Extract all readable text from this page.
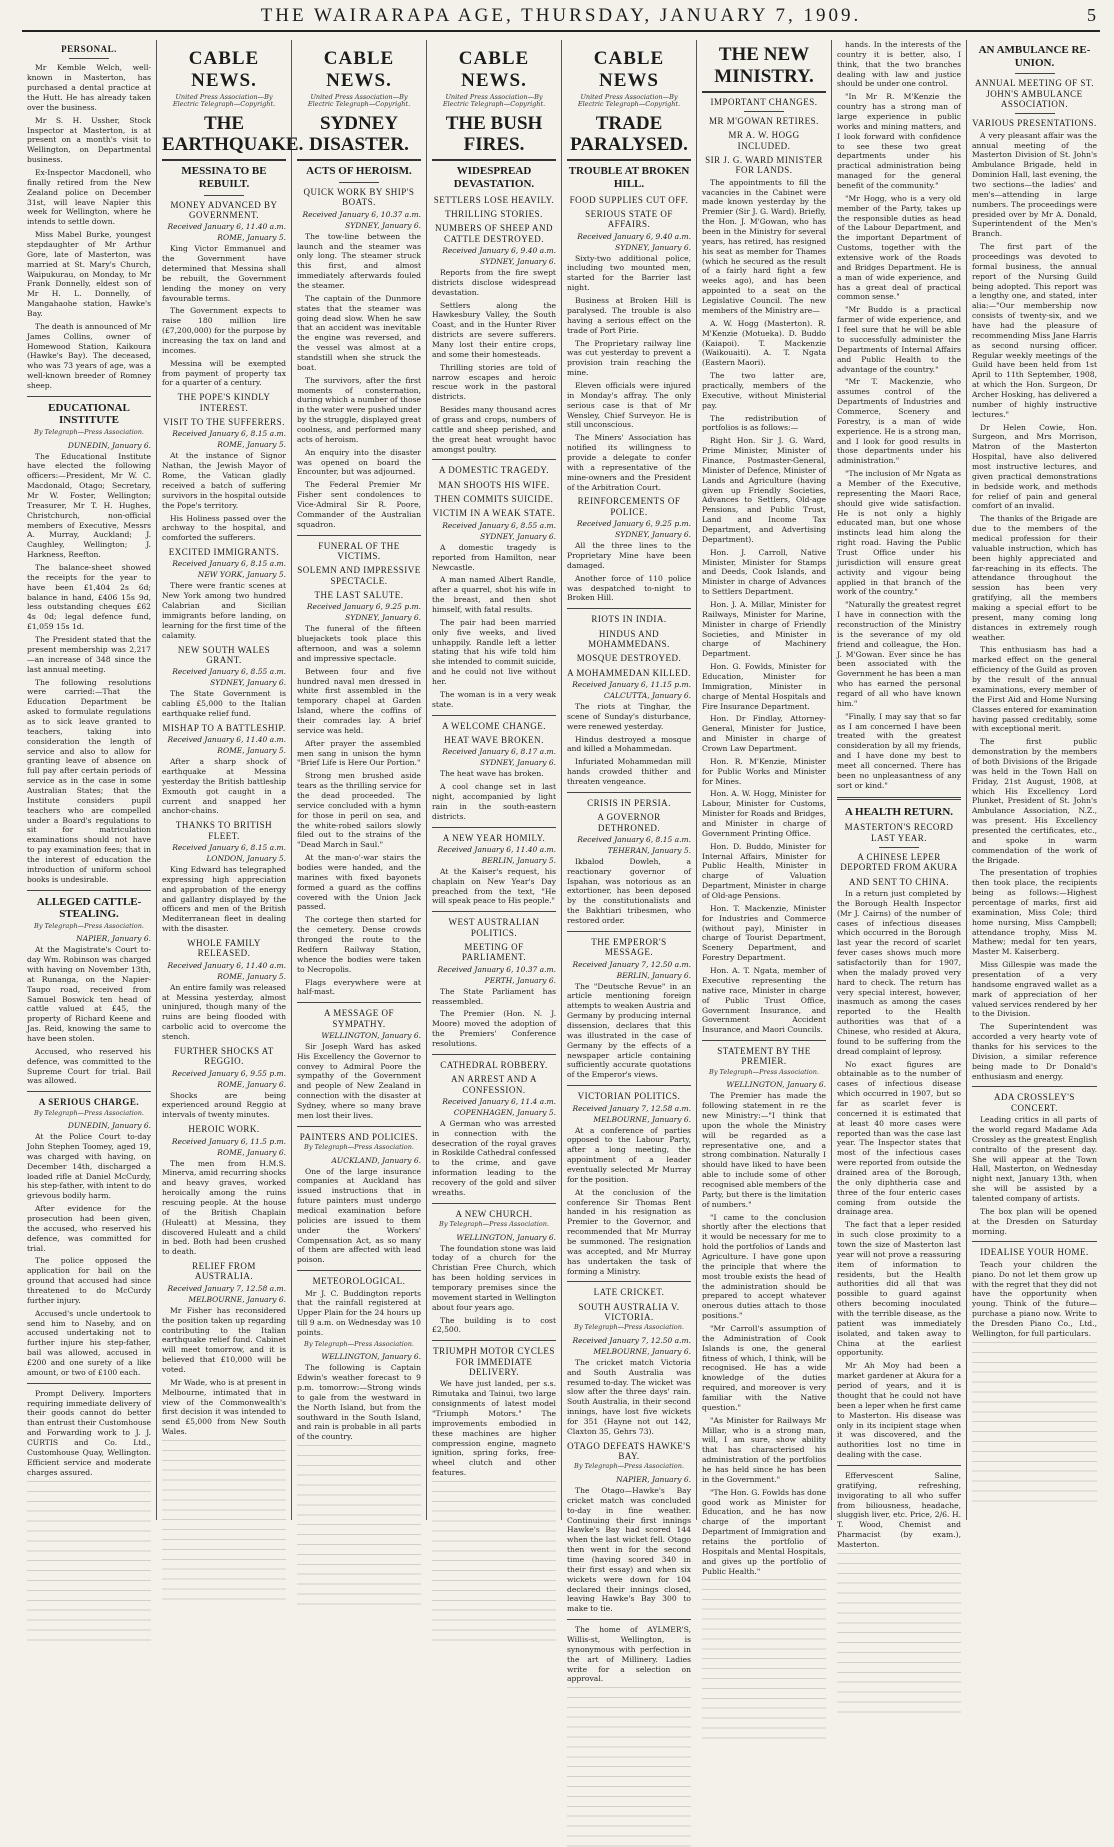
THE WAIRARAPA AGE, THURSDAY, JANUARY 7, 1909.	5
PERSONAL.

Mr Kemble Welch, well-known in Masterton, has purchased a dental practice at the Hutt. He has already taken over the business.

Mr S. H. Ussher, Stock Inspector at Masterton, is at present on a month's visit to Wellington, on Departmental business.

Ex-Inspector Macdonell, who finally retired from the New Zealand police on December 31st, will leave Napier this week for Wellington, where he intends to settle down.

Miss Mabel Burke, youngest stepdaughter of Mr Arthur Gore, late of Masterton, was married at St. Mary's Church, Waipukurau, on Monday, to Mr Frank Donnelly, eldest son of Mr H. L. Donnelly, of Mangahaohe station, Hawke's Bay.

The death is announced of Mr James Collins, owner of Homewood Station, Kaikoura (Hawke's Bay). The deceased, who was 73 years of age, was a well-known breeder of Romney sheep.

EDUCATIONAL INSTITUTE
By Telegraph—Press Association.
DUNEDIN, January 6.

The Educational Institute have elected the following officers:—President, Mr W. C. Macdonald, Otago; Secretary, Mr W. Foster, Wellington; Treasurer, Mr T. H. Hughes, Christchurch, non-official members of Executive, Messrs A. Murray, Auckland; J. Caughley, Wellington; J. Harkness, Reefton.

The balance-sheet showed the receipts for the year to have been £1,404 2s 6d; balance in hand, £406 15s 9d, less outstanding cheques £62 4s 0d; legal defence fund, £1,059 15s 1d.

The President stated that the present membership was 2,217—an increase of 348 since the last annual meeting.

The following resolutions were carried:—That the Education Department be asked to formulate regulations as to sick leave granted to teachers, taking into consideration the length of service and also to allow for granting leave of absence on full pay after certain periods of service as in the case in some Australian States; that the Institute considers pupil teachers who are compelled under a Board's regulations to sit for matriculation examinations should not have to pay examination fees; that in the interest of education the introduction of uniform school books is undesirable.

ALLEGED CATTLE-STEALING.
By Telegraph—Press Association.
NAPIER, January 6.

At the Magistrate's Court to-day Wm. Robinson was charged with having on November 13th, at Runanga, on the Napier-Taupo road, received from Samuel Boswick ten head of cattle valued at £45, the property of Richard Keene and Jas. Reid, knowing the same to have been stolen.

Accused, who reserved his defence, was committed to the Supreme Court for trial. Bail was allowed.

A SERIOUS CHARGE.
By Telegraph—Press Association.
DUNEDIN, January 6.

At the Police Court to-day John Stephen Toomey, aged 19, was charged with having, on December 14th, discharged a loaded rifle at Daniel McCurdy, his step-father, with intent to do grievous bodily harm.

After evidence for the prosecution had been given, the accused, who reserved his defence, was committed for trial.

The police opposed the application for bail on the ground that accused had since threatened to do McCurdy further injury.

Accused's uncle undertook to send him to Naseby, and on accused undertaking not to further injure his step-father, bail was allowed, accused in £200 and one surety of a like amount, or two of £100 each.

Prompt Delivery. Importers requiring immediate delivery of their goods cannot do better than entrust their Customhouse and Forwarding work to J. J. CURTIS and Co. Ltd., Customhouse Quay, Wellington. Efficient service and moderate charges assured.

CABLE NEWS.
United Press Association—By Electric Telegraph—Copyright.
THE EARTHQUAKE.
MESSINA TO BE REBUILT.
MONEY ADVANCED BY GOVERNMENT.
Received January 6, 11.40 a.m.
ROME, January 5.

King Victor Emmanuel and the Government have determined that Messina shall be rebuilt, the Government lending the money on very favourable terms.

The Government expects to raise 180 million lire (£7,200,000) for the purpose by increasing the tax on land and incomes.

Messina will be exempted from payment of property tax for a quarter of a century.

THE POPE'S KINDLY INTEREST.
VISIT TO THE SUFFERERS.
Received January 6, 8.15 a.m.
ROME, January 5.

At the instance of Signor Nathan, the Jewish Mayor of Rome, the Vatican gladly received a batch of suffering survivors in the hospital outside the Pope's territory.

His Holiness passed over the archway to the hospital, and comforted the sufferers.

EXCITED IMMIGRANTS.
Received January 6, 8.15 a.m.
NEW YORK, January 5.

There were frantic scenes at New York among two hundred Calabrian and Sicilian immigrants before landing, on learning for the first time of the calamity.

NEW SOUTH WALES GRANT.
Received January 6, 8.55 a.m.
SYDNEY, January 6.

The State Government is cabling £5,000 to the Italian earthquake relief fund.

MISHAP TO A BATTLESHIP.
Received January 6, 11.40 a.m.
ROME, January 5.

After a sharp shock of earthquake at Messina yesterday the British battleship Exmouth got caught in a current and snapped her anchor-chains.

THANKS TO BRITISH FLEET.
Received January 6, 8.15 a.m.
LONDON, January 5.

King Edward has telegraphed expressing high appreciation and approbation of the energy and gallantry displayed by the officers and men of the British Mediterranean fleet in dealing with the disaster.

WHOLE FAMILY RELEASED.
Received January 6, 11.40 a.m.
ROME, January 5.

An entire family was released at Messina yesterday, almost uninjured, though many of the ruins are being flooded with carbolic acid to overcome the stench.

FURTHER SHOCKS AT REGGIO.
Received January 6, 9.55 p.m.
ROME, January 6.

Shocks are being experienced around Reggio at intervals of twenty minutes.

HEROIC WORK.
Received January 6, 11.5 p.m.
ROME, January 6.

The men from H.M.S. Minerva, amid recurring shocks and heavy graves, worked heroically among the ruins rescuing people. At the house of the British Chaplain (Huleatt) at Messina, they discovered Huleatt and a child in bed. Both had been crushed to death.

RELIEF FROM AUSTRALIA.
Received January 7, 12.58 a.m.
MELBOURNE, January 6.

Mr Fisher has reconsidered the position taken up regarding contributing to the Italian earthquake relief fund. Cabinet will meet tomorrow, and it is believed that £10,000 will be voted.

Mr Wade, who is at present in Melbourne, intimated that in view of the Commonwealth's first decision it was intended to send £5,000 from New South Wales.

CABLE NEWS.
United Press Association—By Electric Telegraph—Copyright.
SYDNEY DISASTER.
ACTS OF HEROISM.
QUICK WORK BY SHIP'S BOATS.
Received January 6, 10.37 a.m.
SYDNEY, January 6.

The tow-line between the launch and the steamer was only long. The steamer struck this first, and almost immediately afterwards fouled the steamer.

The captain of the Dunmore states that the steamer was going dead slow. When he saw that an accident was inevitable the engine was reversed, and the vessel was almost at a standstill when she struck the boat.

The survivors, after the first moments of consternation, during which a number of those in the water were pushed under by the struggle, displayed great coolness, and performed many acts of heroism.

An enquiry into the disaster was opened on board the Encounter, but was adjourned.

The Federal Premier Mr Fisher sent condolences to Vice-Admiral Sir R. Poore, Commander of the Australian squadron.

FUNERAL OF THE VICTIMS.
SOLEMN AND IMPRESSIVE SPECTACLE.
THE LAST SALUTE.
Received January 6, 9.25 p.m.
SYDNEY, January 6.

The funeral of the fifteen bluejackets took place this afternoon, and was a solemn and impressive spectacle.

Between four and five hundred naval men dressed in white first assembled in the temporary chapel at Garden Island, where the coffins of their comrades lay. A brief service was held.

After prayer the assembled men sang in unison the hymn "Brief Life is Here Our Portion."

Strong men brushed aside tears as the thrilling service for the dead proceeded. The service concluded with a hymn for those in peril on sea, and the white-robed sailors slowly filed out to the strains of the "Dead March in Saul."

At the man-o'-war stairs the bodies were handed, and the marines with fixed bayonets formed a guard as the coffins covered with the Union Jack passed.

The cortege then started for the cemetery. Dense crowds thronged the route to the Redfern Railway Station, whence the bodies were taken to Necropolis.

Flags everywhere were at half-mast.

A MESSAGE OF SYMPATHY.
WELLINGTON, January 6.

Sir Joseph Ward has asked His Excellency the Governor to convey to Admiral Poore the sympathy of the Government and people of New Zealand in connection with the disaster at Sydney, where so many brave men lost their lives.

PAINTERS AND POLICIES.
By Telegraph—Press Association.
AUCKLAND, January 6.

One of the large insurance companies at Auckland has issued instructions that in future painters must undergo medical examination before policies are issued to them under the Workers' Compensation Act, as so many of them are affected with lead poison.

METEOROLOGICAL.

Mr J. C. Buddington reports that the rainfall registered at Upper Plain for the 24 hours up till 9 a.m. on Wednesday was 10 points.

By Telegraph—Press Association.
WELLINGTON, January 6.

The following is Captain Edwin's weather forecast to 9 p.m. tomorrow:—Strong winds to gale from the westward in the North Island, but from the southward in the South Island, and rain is probable in all parts of the country.

CABLE NEWS.
United Press Association—By Electric Telegraph—Copyright.
THE BUSH FIRES.
WIDESPREAD DEVASTATION.
SETTLERS LOSE HEAVILY.
THRILLING STORIES.
NUMBERS OF SHEEP AND CATTLE DESTROYED.
Received January 6, 9.40 a.m.
SYDNEY, January 6.

Reports from the fire swept districts disclose widespread devastation.

Settlers along the Hawkesbury Valley, the South Coast, and in the Hunter River districts are severe sufferers. Many lost their entire crops, and some their homesteads.

Thrilling stories are told of narrow escapes and heroic rescue work in the pastoral districts.

Besides many thousand acres of grass and crops, numbers of cattle and sheep perished, and the great heat wrought havoc amongst poultry.

A DOMESTIC TRAGEDY.
MAN SHOOTS HIS WIFE.
THEN COMMITS SUICIDE.
VICTIM IN A WEAK STATE.
Received January 6, 8.55 a.m.
SYDNEY, January 6.

A domestic tragedy is reported from Hamilton, near Newcastle.

A man named Albert Randle, after a quarrel, shot his wife in the breast, and then shot himself, with fatal results.

The pair had been married only five weeks, and lived unhappily. Randle left a letter stating that his wife told him she intended to commit suicide, and he could not live without her.

The woman is in a very weak state.

A WELCOME CHANGE.
HEAT WAVE BROKEN.
Received January 6, 8.17 a.m.
SYDNEY, January 6.

The heat wave has broken.

A cool change set in last night, accompanied by light rain in the south-eastern districts.

A NEW YEAR HOMILY.
Received January 6, 11.40 a.m.
BERLIN, January 5.

At the Kaiser's request, his chaplain on New Year's Day preached from the text, "He will speak peace to His people."

WEST AUSTRALIAN POLITICS.
MEETING OF PARLIAMENT.
Received January 6, 10.37 a.m.
PERTH, January 6.

The State Parliament has reassembled.

The Premier (Hon. N. J. Moore) moved the adoption of the Premiers' Conference resolutions.

CATHEDRAL ROBBERY.
AN ARREST AND A CONFESSION.
Received January 6, 11.4 a.m.
COPENHAGEN, January 5.

A German who was arrested in connection with the desecration of the royal graves in Roskilde Cathedral confessed to the crime, and gave information leading to the recovery of the gold and silver wreaths.

A NEW CHURCH.
By Telegraph—Press Association.
WELLINGTON, January 6.

The foundation stone was laid today of a church for the Christian Free Church, which has been holding services in temporary premises since the movement started in Wellington about four years ago.

The building is to cost £2,500.

TRIUMPH MOTOR CYCLES FOR IMMEDIATE DELIVERY.

We have just landed, per s.s. Rimutaka and Tainui, two large consignments of latest model "Triumph Motors." The improvements embodied in these machines are higher compression engine, magneto ignition, spring forks, free-wheel clutch and other features.

CABLE NEWS
United Press Association—By Electric Telegraph—Copyright.
TRADE PARALYSED.
TROUBLE AT BROKEN HILL.
FOOD SUPPLIES CUT OFF.
SERIOUS STATE OF AFFAIRS.
Received January 6, 9.40 a.m.
SYDNEY, January 6.

Sixty-two additional police, including two mounted men, started for the Barrier last night.

Business at Broken Hill is paralysed. The trouble is also having a serious effect on the trade of Port Pirie.

The Proprietary railway line was cut yesterday to prevent a provision train reaching the mine.

Eleven officials were injured in Monday's affray. The only serious case is that of Mr Wensley, Chief Surveyor. He is still unconscious.

The Miners' Association has notified its willingness to provide a delegate to confer with a representative of the mine-owners and the President of the Arbitration Court.

REINFORCEMENTS OF POLICE.
Received January 6, 9.25 p.m.
SYDNEY, January 6.

All the three lines to the Proprietary Mine have been damaged.

Another force of 110 police was despatched to-night to Broken Hill.

RIOTS IN INDIA.
HINDUS AND MOHAMMEDANS.
MOSQUE DESTROYED.
A MOHAMMEDAN KILLED.
Received January 6, 11.15 p.m.
CALCUTTA, January 6.

The riots at Tinghar, the scene of Sunday's disturbance, were renewed yesterday.

Hindus destroyed a mosque and killed a Mohammedan.

Infuriated Mohammedan mill hands crowded thither and threaten vengeance.

CRISIS IN PERSIA.
A GOVERNOR DETHRONED.
Received January 6, 8.15 a.m.
TEHERAN, January 5.

Ikbalod Dowleh, a reactionary governor of Ispahan, was notorious as an extortioner, has been deposed by the constitutionalists and the Bakhtiari tribesmen, who restored order.

THE EMPEROR'S MESSAGE.
Received January 7, 12.50 a.m.
BERLIN, January 6.

The "Deutsche Revue" in an article mentioning foreign attempts to weaken Austria and Germany by producing internal dissension, declares that this was illustrated in the case of Germany by the effects of a newspaper article containing sufficiently accurate quotations of the Emperor's views.

VICTORIAN POLITICS.
Received January 7, 12.58 a.m.
MELBOURNE, January 6.

At a conference of parties opposed to the Labour Party, after a long meeting, the appointment of a leader eventually selected Mr Murray for the position.

At the conclusion of the conference Sir Thomas Bent handed in his resignation as Premier to the Governor, and recommended that Mr Murray be summoned. The resignation was accepted, and Mr Murray has undertaken the task of forming a Ministry.

LATE CRICKET.
SOUTH AUSTRALIA V. VICTORIA.
By Telegraph—Press Association.
Received January 7, 12.50 a.m.
MELBOURNE, January 6.

The cricket match Victoria and South Australia was resumed to-day. The wicket was slow after the three days' rain. South Australia, in their second innings, have lost five wickets for 351 (Hayne not out 142, Claxton 35, Gehrs 73).

OTAGO DEFEATS HAWKE'S BAY.
By Telegraph—Press Association.
NAPIER, January 6.

The Otago—Hawke's Bay cricket match was concluded to-day in fine weather. Continuing their first innings Hawke's Bay had scored 144 when the last wicket fell. Otago then went in for the second time (having scored 340 in their first essay) and when six wickets were down for 104 declared their innings closed, leaving Hawke's Bay 300 to make to tie.

The home of AYLMER'S, Willis-st, Wellington, is synonymous with perfection in the art of Millinery. Ladies write for a selection on approval.

THE NEW MINISTRY.
IMPORTANT CHANGES.
MR M'GOWAN RETIRES.
MR A. W. HOGG INCLUDED.
SIR J. G. WARD MINISTER FOR LANDS.

The appointments to fill the vacancies in the Cabinet were made known yesterday by the Premier (Sir J. G. Ward). Briefly, the Hon. J. M'Gowan, who has been in the Ministry for several years, has retired, has resigned his seat as member for Thames (which he secured as the result of a fairly hard fight a few weeks ago), and has been appointed to a seat on the Legislative Council. The new members of the Ministry are—

A. W. Hogg (Masterton). R. M'Kenzie (Motueka). D. Buddo (Kaiapoi). T. Mackenzie (Waikouaiti). A. T. Ngata (Eastern Maori).

The two latter are, practically, members of the Executive, without Ministerial pay.

The redistribution of portfolios is as follows:—

Right Hon. Sir J. G. Ward, Prime Minister, Minister of Finance, Postmaster-General, Minister of Defence, Minister of Lands and Agriculture (having given up Friendly Societies, Advances to Settlers, Old-age Pensions, and Public Trust, Land and Income Tax Department, and Advertising Department).

Hon. J. Carroll, Native Minister, Minister for Stamps and Deeds, Cook Islands, and Minister in charge of Advances to Settlers Department.

Hon. J. A. Millar, Minister for Railways, Minister for Marine, Minister in charge of Friendly Societies, and Minister in charge of Machinery Department.

Hon. G. Fowlds, Minister for Education, Minister for Immigration, Minister in charge of Mental Hospitals and Fire Insurance Department.

Hon. Dr Findlay, Attorney-General, Minister for Justice, and Minister in charge of Crown Law Department.

Hon. R. M'Kenzie, Minister for Public Works and Minister for Mines.

Hon. A. W. Hogg, Minister for Labour, Minister for Customs, Minister for Roads and Bridges, and Minister in charge of Government Printing Office.

Hon. D. Buddo, Minister for Internal Affairs, Minister for Public Health, Minister in charge of Valuation Department, Minister in charge of Old-age Pensions.

Hon. T. Mackenzie, Minister for Industries and Commerce (without pay), Minister in charge of Tourist Department, Scenery Department, and Forestry Department.

Hon. A. T. Ngata, member of Executive representing the native race, Minister in charge of Public Trust Office, Government Insurance, and Government Accident Insurance, and Maori Councils.

STATEMENT BY THE PREMIER.
By Telegraph—Press Association.
WELLINGTON, January 6.

The Premier has made the following statement in re the new Ministry:—"I think that upon the whole the Ministry will be regarded as a representative one, and a strong combination. Naturally I should have liked to have been able to include some of other recognised able members of the Party, but there is the limitation of numbers."

"I came to the conclusion shortly after the elections that it would be necessary for me to hold the portfolios of Lands and Agriculture. I have gone upon the principle that where the most trouble exists the head of the administration should be prepared to accept whatever onerous duties attach to those positions."

"Mr Carroll's assumption of the Administration of Cook Islands is one, the general fitness of which, I think, will be recognised. He has a wide knowledge of the duties required, and moreover is very familiar with the Native question."

"As Minister for Railways Mr Millar, who is a strong man, will, I am sure, show ability that has characterised his administration of the portfolios he has held since he has been in the Government."

"The Hon. G. Fowlds has done good work as Minister for Education, and he has now charge of the important Department of Immigration and retains the portfolio of Hospitals and Mental Hospitals, and gives up the portfolio of Public Health."

hands. In the interests of the country it is better, also, I think, that the two branches dealing with law and justice should be under one control.

"In Mr R. M'Kenzie the country has a strong man of large experience in public works and mining matters, and I look forward with confidence to see these two great departments under his practical administration being managed for the general benefit of the community."

"Mr Hogg, who is a very old member of the Party, takes up the responsible duties as head of the Labour Department, and the important Department of Customs, together with the extensive work of the Roads and Bridges Department. He is a man of wide experience, and has a great deal of practical common sense."

"Mr Buddo is a practical farmer of wide experience, and I feel sure that he will be able to successfully administer the Departments of Internal Affairs and Public Health to the advantage of the country."

"Mr T. Mackenzie, who assumes control of the Departments of Industries and Commerce, Scenery and Forestry, is a man of wide experience. He is a strong man, and I look for good results in those departments under his administration."

"The inclusion of Mr Ngata as a Member of the Executive, representing the Maori Race, should give wide satisfaction. He is not only a highly educated man, but one whose instincts lead him along the right road. Having the Public Trust Office under his jurisdiction will ensure great activity and vigour being applied in that branch of the work of the country."

"Naturally the greatest regret I have in connection with the reconstruction of the Ministry is the severance of my old friend and colleague, the Hon. J. M'Gowan. Ever since he has been associated with the Government he has been a man who has earned the personal regard of all who have known him."

"Finally, I may say that so far as I am concerned I have been treated with the greatest consideration by all my friends, and I have done my best to meet all concerned. There has been no unpleasantness of any sort or kind."

A HEALTH RETURN.
MASTERTON'S RECORD LAST YEAR.
A CHINESE LEPER DEPORTED FROM AKURA
AND SENT TO CHINA.

In a return just completed by the Borough Health Inspector (Mr J. Cairns) of the number of cases of infectious diseases which occurred in the Borough last year the record of scarlet fever cases shows much more satisfactorily than for 1907, when the malady proved very hard to check. The return has very special interest, however, inasmuch as among the cases reported to the Health authorities was that of a Chinese, who resided at Akura, found to be suffering from the dread complaint of leprosy.

No exact figures are obtainable as to the number of cases of infectious disease which occurred in 1907, but so far as scarlet fever is concerned it is estimated that at least 40 more cases were reported than was the case last year. The Inspector states that most of the infectious cases were reported from outside the drained area of the Borough, the only diphtheria case and three of the four enteric cases coming from outside the drainage area.

The fact that a leper resided in such close proximity to a town the size of Masterton last year will not prove a reassuring item of information to residents, but the Health authorities did all that was possible to guard against others becoming inoculated with the terrible disease, as the patient was immediately isolated, and taken away to China at the earliest opportunity.

Mr Ah Moy had been a market gardener at Akura for a period of years, and it is thought that he could not have been a leper when he first came to Masterton. His disease was only in its incipient stage when it was discovered, and the authorities lost no time in dealing with the case.

Effervescent Saline, gratifying, refreshing, invigorating to all who suffer from biliousness, headache, sluggish liver, etc. Price, 2/6. H. T. Wood, Chemist and Pharmacist (by exam.), Masterton.

AN AMBULANCE RE-UNION.
ANNUAL MEETING OF ST. JOHN'S AMBULANCE ASSOCIATION.
VARIOUS PRESENTATIONS.

A very pleasant affair was the annual meeting of the Masterton Division of St. John's Ambulance Brigade, held in Dominion Hall, last evening, the two sections—the ladies' and men's—attending in large numbers. The proceedings were presided over by Mr A. Donald, Superintendent of the Men's Branch.

The first part of the proceedings was devoted to formal business, the annual report of the Nursing Guild being adopted. This report was a lengthy one, and stated, inter alia:—"Our membership now consists of twenty-six, and we have had the pleasure of recommending Miss Jane Harris as second nursing officer. Regular weekly meetings of the Guild have been held from 1st April to 11th September, 1908, at which the Hon. Surgeon, Dr Archer Hosking, has delivered a number of highly instructive lectures."

Dr Helen Cowie, Hon. Surgeon, and Mrs Morrison, Matron of the Masterton Hospital, have also delivered most instructive lectures, and given practical demonstrations in bedside work, and methods for relief of pain and general comfort of an invalid.

The thanks of the Brigade are due to the members of the medical profession for their valuable instruction, which has been highly appreciated and far-reaching in its effects. The attendance throughout the session has been very gratifying, all the members making a special effort to be present, many coming long distances in extremely rough weather.

This enthusiasm has had a marked effect on the general efficiency of the Guild as proven by the result of the annual examinations, every member of the First Aid and Home Nursing Classes entered for examination having passed creditably, some with exceptional merit.

The first public demonstration by the members of both Divisions of the Brigade was held in the Town Hall on Friday, 21st August, 1908, at which His Excellency Lord Plunket, President of St. John's Ambulance Association, N.Z., was present. His Excellency presented the certificates, etc., and spoke in warm commendation of the work of the Brigade.

The presentation of trophies then took place, the recipients being as follows:—Highest percentage of marks, first aid examination, Miss Cole; third home nursing, Miss Campbell; attendance trophy, Miss M. Mathew; medal for ten years, Master M. Kaiserberg.

Miss Gillespie was made the presentation of a very handsome engraved wallet as a mark of appreciation of her valued services rendered by her to the Division.

The Superintendent was accorded a very hearty vote of thanks for his services to the Division, a similar reference being made to Dr Donald's enthusiasm and energy.

ADA CROSSLEY'S CONCERT.

Leading critics in all parts of the world regard Madame Ada Crossley as the greatest English contralto of the present day. She will appear at the Town Hall, Masterton, on Wednesday night next, January 13th, when she will be assisted by a talented company of artists.

The box plan will be opened at the Dresden on Saturday morning.

IDEALISE YOUR HOME.

Teach your children the piano. Do not let them grow up with the regret that they did not have the opportunity when young. Think of the future—purchase a piano now. Write to the Dresden Piano Co., Ltd., Wellington, for full particulars.
